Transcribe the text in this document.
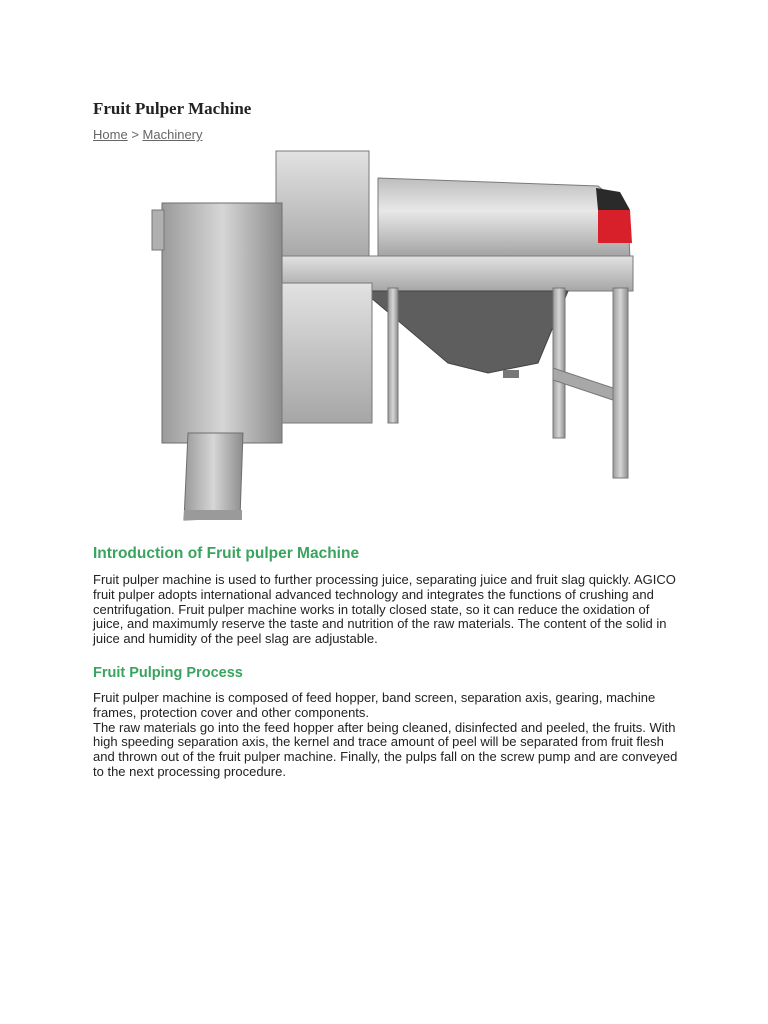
Fruit Pulper Machine
Home > Machinery
Introduction of Fruit pulper Machine

Fruit pulper machine is used to further processing juice, separating juice and fruit slag quickly. AGICO fruit pulper adopts international advanced technology and integrates the functions of crushing and centrifugation. Fruit pulper machine works in totally closed state, so it can reduce the oxidation of juice, and maximumly reserve the taste and nutrition of the raw materials. The content of the solid in juice and humidity of the peel slag are adjustable.

Fruit Pulping Process

Fruit pulper machine is composed of feed hopper, band screen, separation axis, gearing, machine frames, protection cover and other components.
The raw materials go into the feed hopper after being cleaned, disinfected and peeled, the fruits. With high speeding separation axis, the kernel and trace amount of peel will be separated from fruit flesh and thrown out of the fruit pulper machine. Finally, the pulps fall on the screw pump and are conveyed to the next processing procedure.
